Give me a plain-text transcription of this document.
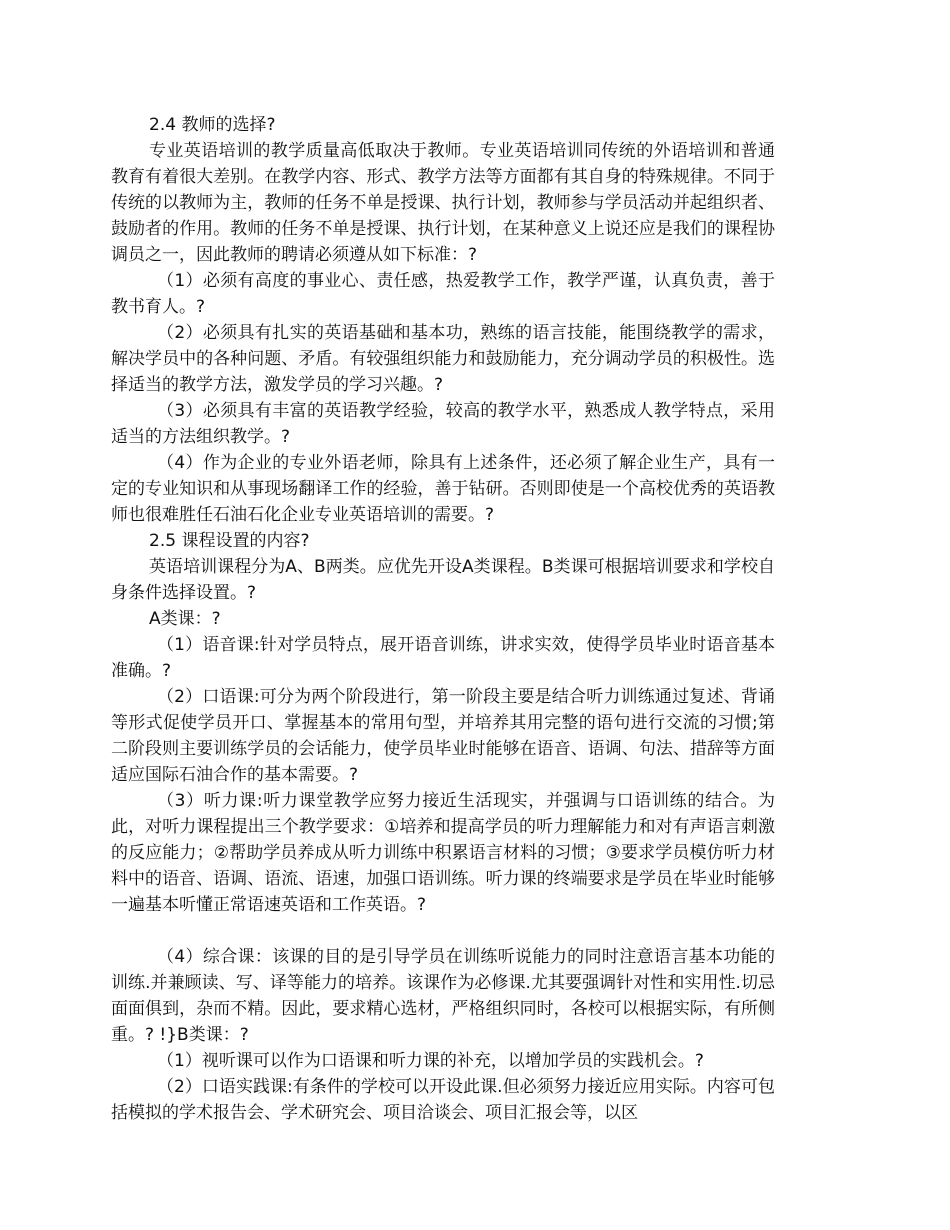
2.4 教师的选择?

专业英语培训的教学质量高低取决于教师。专业英语培训同传统的外语培训和普通教育有着很大差别。在教学内容、形式、教学方法等方面都有其自身的特殊规律。不同于传统的以教师为主，教师的任务不单是授课、执行计划，教师参与学员活动并起组织者、鼓励者的作用。教师的任务不单是授课、执行计划，在某种意义上说还应是我们的课程协调员之一，因此教师的聘请必须遵从如下标准：?

（1）必须有高度的事业心、责任感，热爱教学工作，教学严谨，认真负责，善于教书育人。?

（2）必须具有扎实的英语基础和基本功，熟练的语言技能，能围绕教学的需求，解决学员中的各种问题、矛盾。有较强组织能力和鼓励能力，充分调动学员的积极性。选择适当的教学方法，激发学员的学习兴趣。?

（3）必须具有丰富的英语教学经验，较高的教学水平，熟悉成人教学特点，采用适当的方法组织教学。?

（4）作为企业的专业外语老师，除具有上述条件，还必须了解企业生产，具有一定的专业知识和从事现场翻译工作的经验，善于钻研。否则即使是一个高校优秀的英语教师也很难胜任石油石化企业专业英语培训的需要。?

2.5 课程设置的内容?

英语培训课程分为A、B两类。应优先开设A类课程。B类课可根据培训要求和学校自身条件选择设置。?

A类课：?

（1）语音课:针对学员特点，展开语音训练，讲求实效，使得学员毕业时语音基本准确。?

（2）口语课:可分为两个阶段进行，第一阶段主要是结合听力训练通过复述、背诵等形式促使学员开口、掌握基本的常用句型，并培养其用完整的语句进行交流的习惯;第二阶段则主要训练学员的会话能力，使学员毕业时能够在语音、语调、句法、措辞等方面适应国际石油合作的基本需要。?

（3）听力课:听力课堂教学应努力接近生活现实，并强调与口语训练的结合。为此，对听力课程提出三个教学要求：①培养和提高学员的听力理解能力和对有声语言刺激的反应能力；②帮助学员养成从听力训练中积累语言材料的习惯；③要求学员模仿听力材料中的语音、语调、语流、语速，加强口语训练。听力课的终端要求是学员在毕业时能够一遍基本听懂正常语速英语和工作英语。?

（4）综合课：该课的目的是引导学员在训练听说能力的同时注意语言基本功能的训练.并兼顾读、写、译等能力的培养。该课作为必修课.尤其要强调针对性和实用性.切忌面面俱到，杂而不精。因此，要求精心选材，严格组织同时，各校可以根据实际，有所侧重。? !}B类课：?

（1）视听课可以作为口语课和听力课的补充，以增加学员的实践机会。?

（2）口语实践课:有条件的学校可以开设此课.但必须努力接近应用实际。内容可包括模拟的学术报告会、学术研究会、项目洽谈会、项目汇报会等，以区
